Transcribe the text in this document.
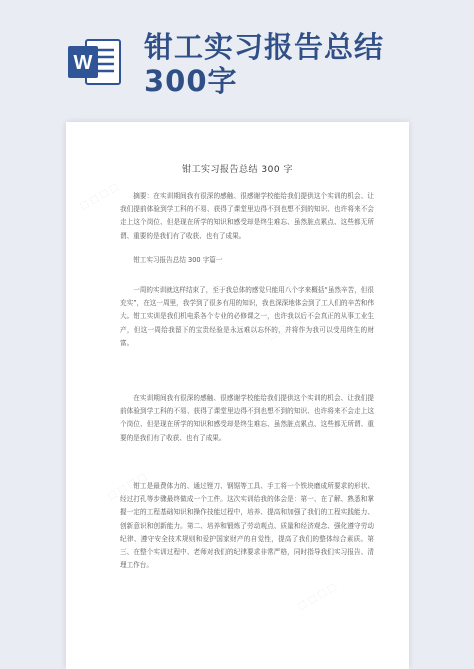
W 钳工实习报告总结
300字
⬚ ⬚ ⬚ ⬚
⬚ ⬚ ⬚ ⬚
⬚ ⬚ ⬚ ⬚
⬚ ⬚ ⬚ ⬚
钳工实习报告总结 300 字

摘要：在实训期间我有很深的感触、很感谢学校能给我们提供这个实训的机会、让我们提前体验到学工科的不易、获得了课堂里边得不到也想不到的知识、也许将来不会走上这个岗位、但是现在所学的知识和感受却是终生难忘、虽然脏点累点、这些都无所谓、重要的是我们有了收获、也有了成果。

钳工实习报告总结 300 字篇一

一周的实训就这样结束了，至于我总体的感觉只能用八个字来概括“虽然辛苦，但很充实”，在这一周里，我学到了很多有用的知识，我也深深地体会到了工人们的辛苦和伟大。钳工实训是我们机电系各个专业的必修课之一，也许我以后不会真正的从事工业生产，但这一周给我留下的宝贵经验是永远难以忘怀的，并将作为我可以受用终生的财富。

在实训期间我有很深的感触、很感谢学校能给我们提供这个实训的机会、让我们提前体验到学工科的不易、获得了课堂里边得不到也想不到的知识、也许将来不会走上这个岗位、但是现在所学的知识和感受却是终生难忘、虽然脏点累点、这些都无所谓、重要的是我们有了收获、也有了成果。

钳工是最费体力的、通过锉刀、钢锯等工具、手工将一个铁块磨成所要求的形状、经过打孔等步骤最终做成一个工件。这次实训给我的体会是：第一、在了解、熟悉和掌握一定的工程基础知识和操作技能过程中，培养、提高和加强了我们的工程实践能力、创新意识和创新能力。第二、培养和锻炼了劳动观点、质量和经济观念、强化遵守劳动纪律、遵守安全技术规则和爱护国家财产的自觉性，提高了我们的整体综合素质。第三、在整个实训过程中、老师对我们的纪律要求非常严格，同时指导我们实习报告、清理工作台。
